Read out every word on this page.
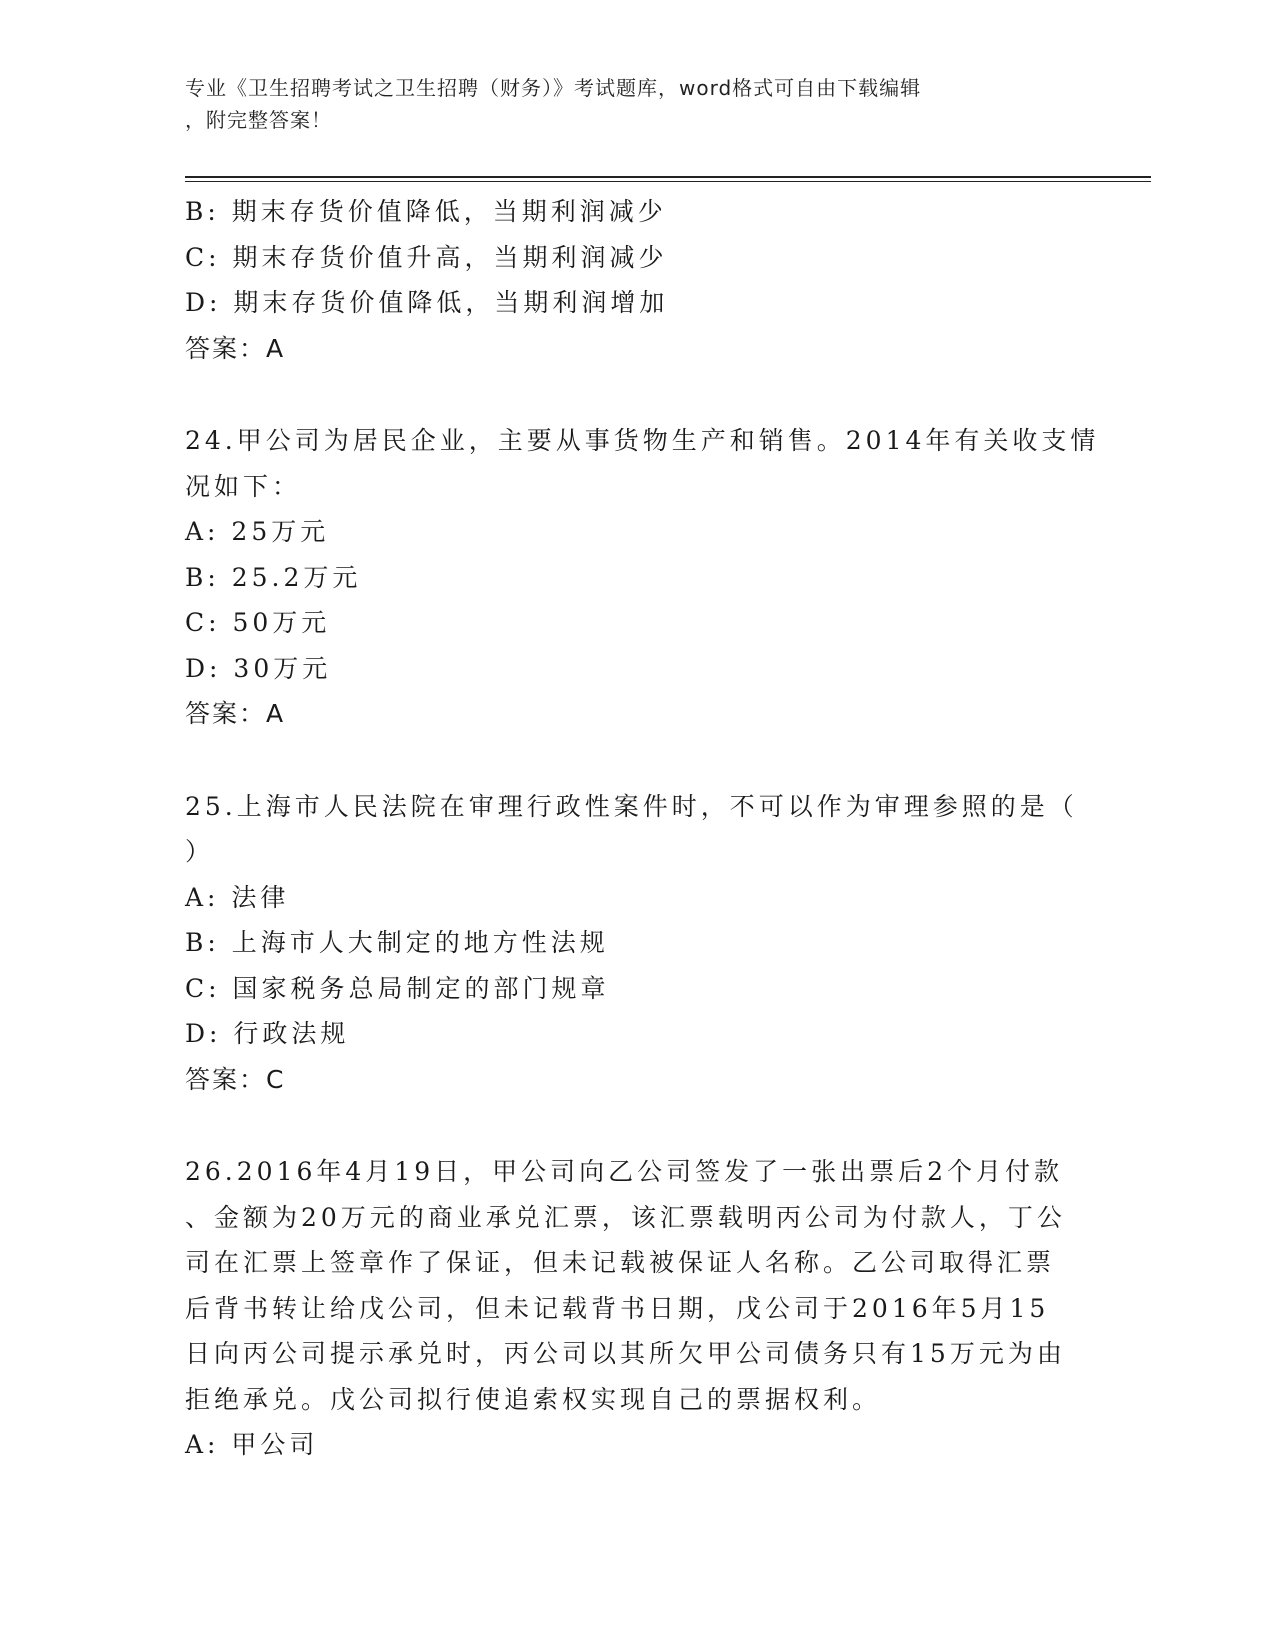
专业《卫生招聘考试之卫生招聘（财务）》考试题库，word格式可自由下载编辑
，附完整答案！
B: 期末存货价值降低，当期利润减少
C: 期末存货价值升高，当期利润减少
D: 期末存货价值降低，当期利润增加
答案：A
24.甲公司为居民企业，主要从事货物生产和销售。2014年有关收支情
况如下：
A: 25万元
B: 25.2万元
C: 50万元
D: 30万元
答案：A
25.上海市人民法院在审理行政性案件时，不可以作为审理参照的是（
）
A: 法律
B: 上海市人大制定的地方性法规
C: 国家税务总局制定的部门规章
D: 行政法规
答案：C
26.2016年4月19日，甲公司向乙公司签发了一张出票后2个月付款
、金额为20万元的商业承兑汇票，该汇票载明丙公司为付款人，丁公
司在汇票上签章作了保证，但未记载被保证人名称。乙公司取得汇票
后背书转让给戊公司，但未记载背书日期，戊公司于2016年5月15
日向丙公司提示承兑时，丙公司以其所欠甲公司债务只有15万元为由
拒绝承兑。戊公司拟行使追索权实现自己的票据权利。
A: 甲公司
